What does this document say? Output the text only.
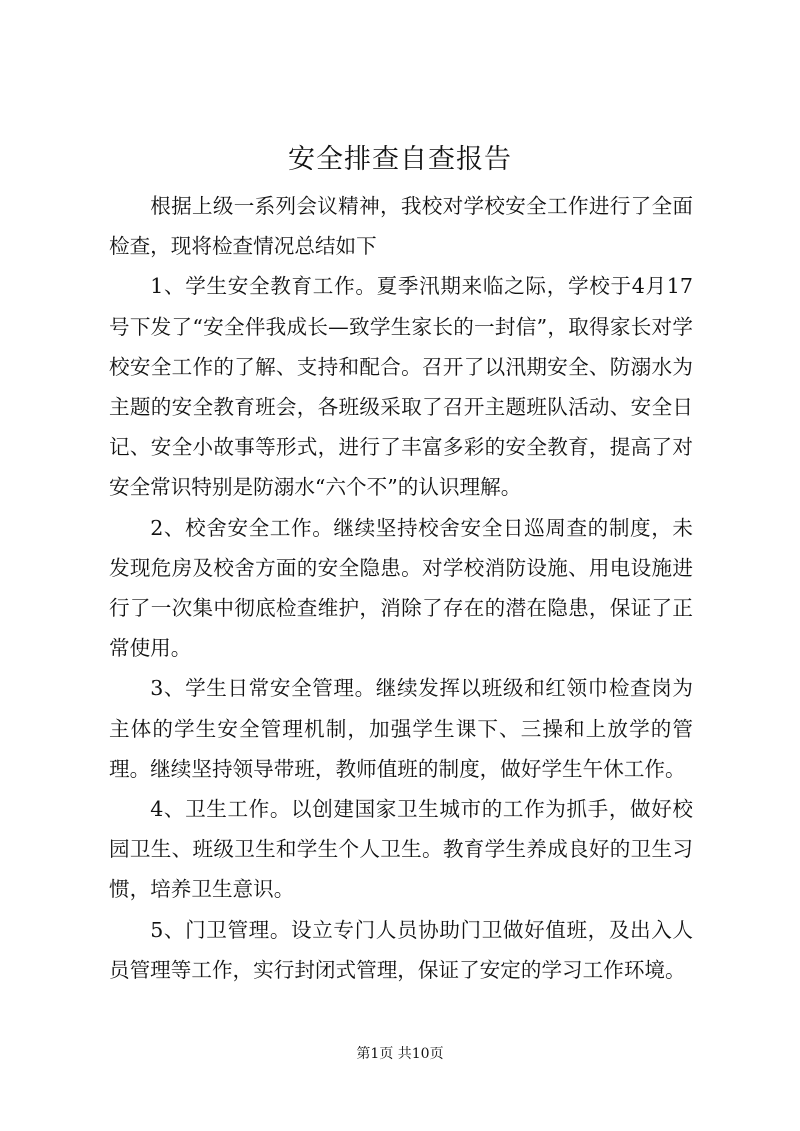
安全排查自查报告

根据上级一系列会议精神，我校对学校安全工作进行了全面检查，现将检查情况总结如下

1、学生安全教育工作。夏季汛期来临之际，学校于4月17号下发了“安全伴我成长—致学生家长的一封信”，取得家长对学校安全工作的了解、支持和配合。召开了以汛期安全、防溺水为主题的安全教育班会，各班级采取了召开主题班队活动、安全日记、安全小故事等形式，进行了丰富多彩的安全教育，提高了对安全常识特别是防溺水“六个不”的认识理解。

2、校舍安全工作。继续坚持校舍安全日巡周查的制度，未发现危房及校舍方面的安全隐患。对学校消防设施、用电设施进行了一次集中彻底检查维护，消除了存在的潜在隐患，保证了正常使用。

3、学生日常安全管理。继续发挥以班级和红领巾检查岗为主体的学生安全管理机制，加强学生课下、三操和上放学的管理。继续坚持领导带班，教师值班的制度，做好学生午休工作。

4、卫生工作。以创建国家卫生城市的工作为抓手，做好校园卫生、班级卫生和学生个人卫生。教育学生养成良好的卫生习惯，培养卫生意识。

5、门卫管理。设立专门人员协助门卫做好值班，及出入人员管理等工作，实行封闭式管理，保证了安定的学习工作环境。

第1页 共10页
